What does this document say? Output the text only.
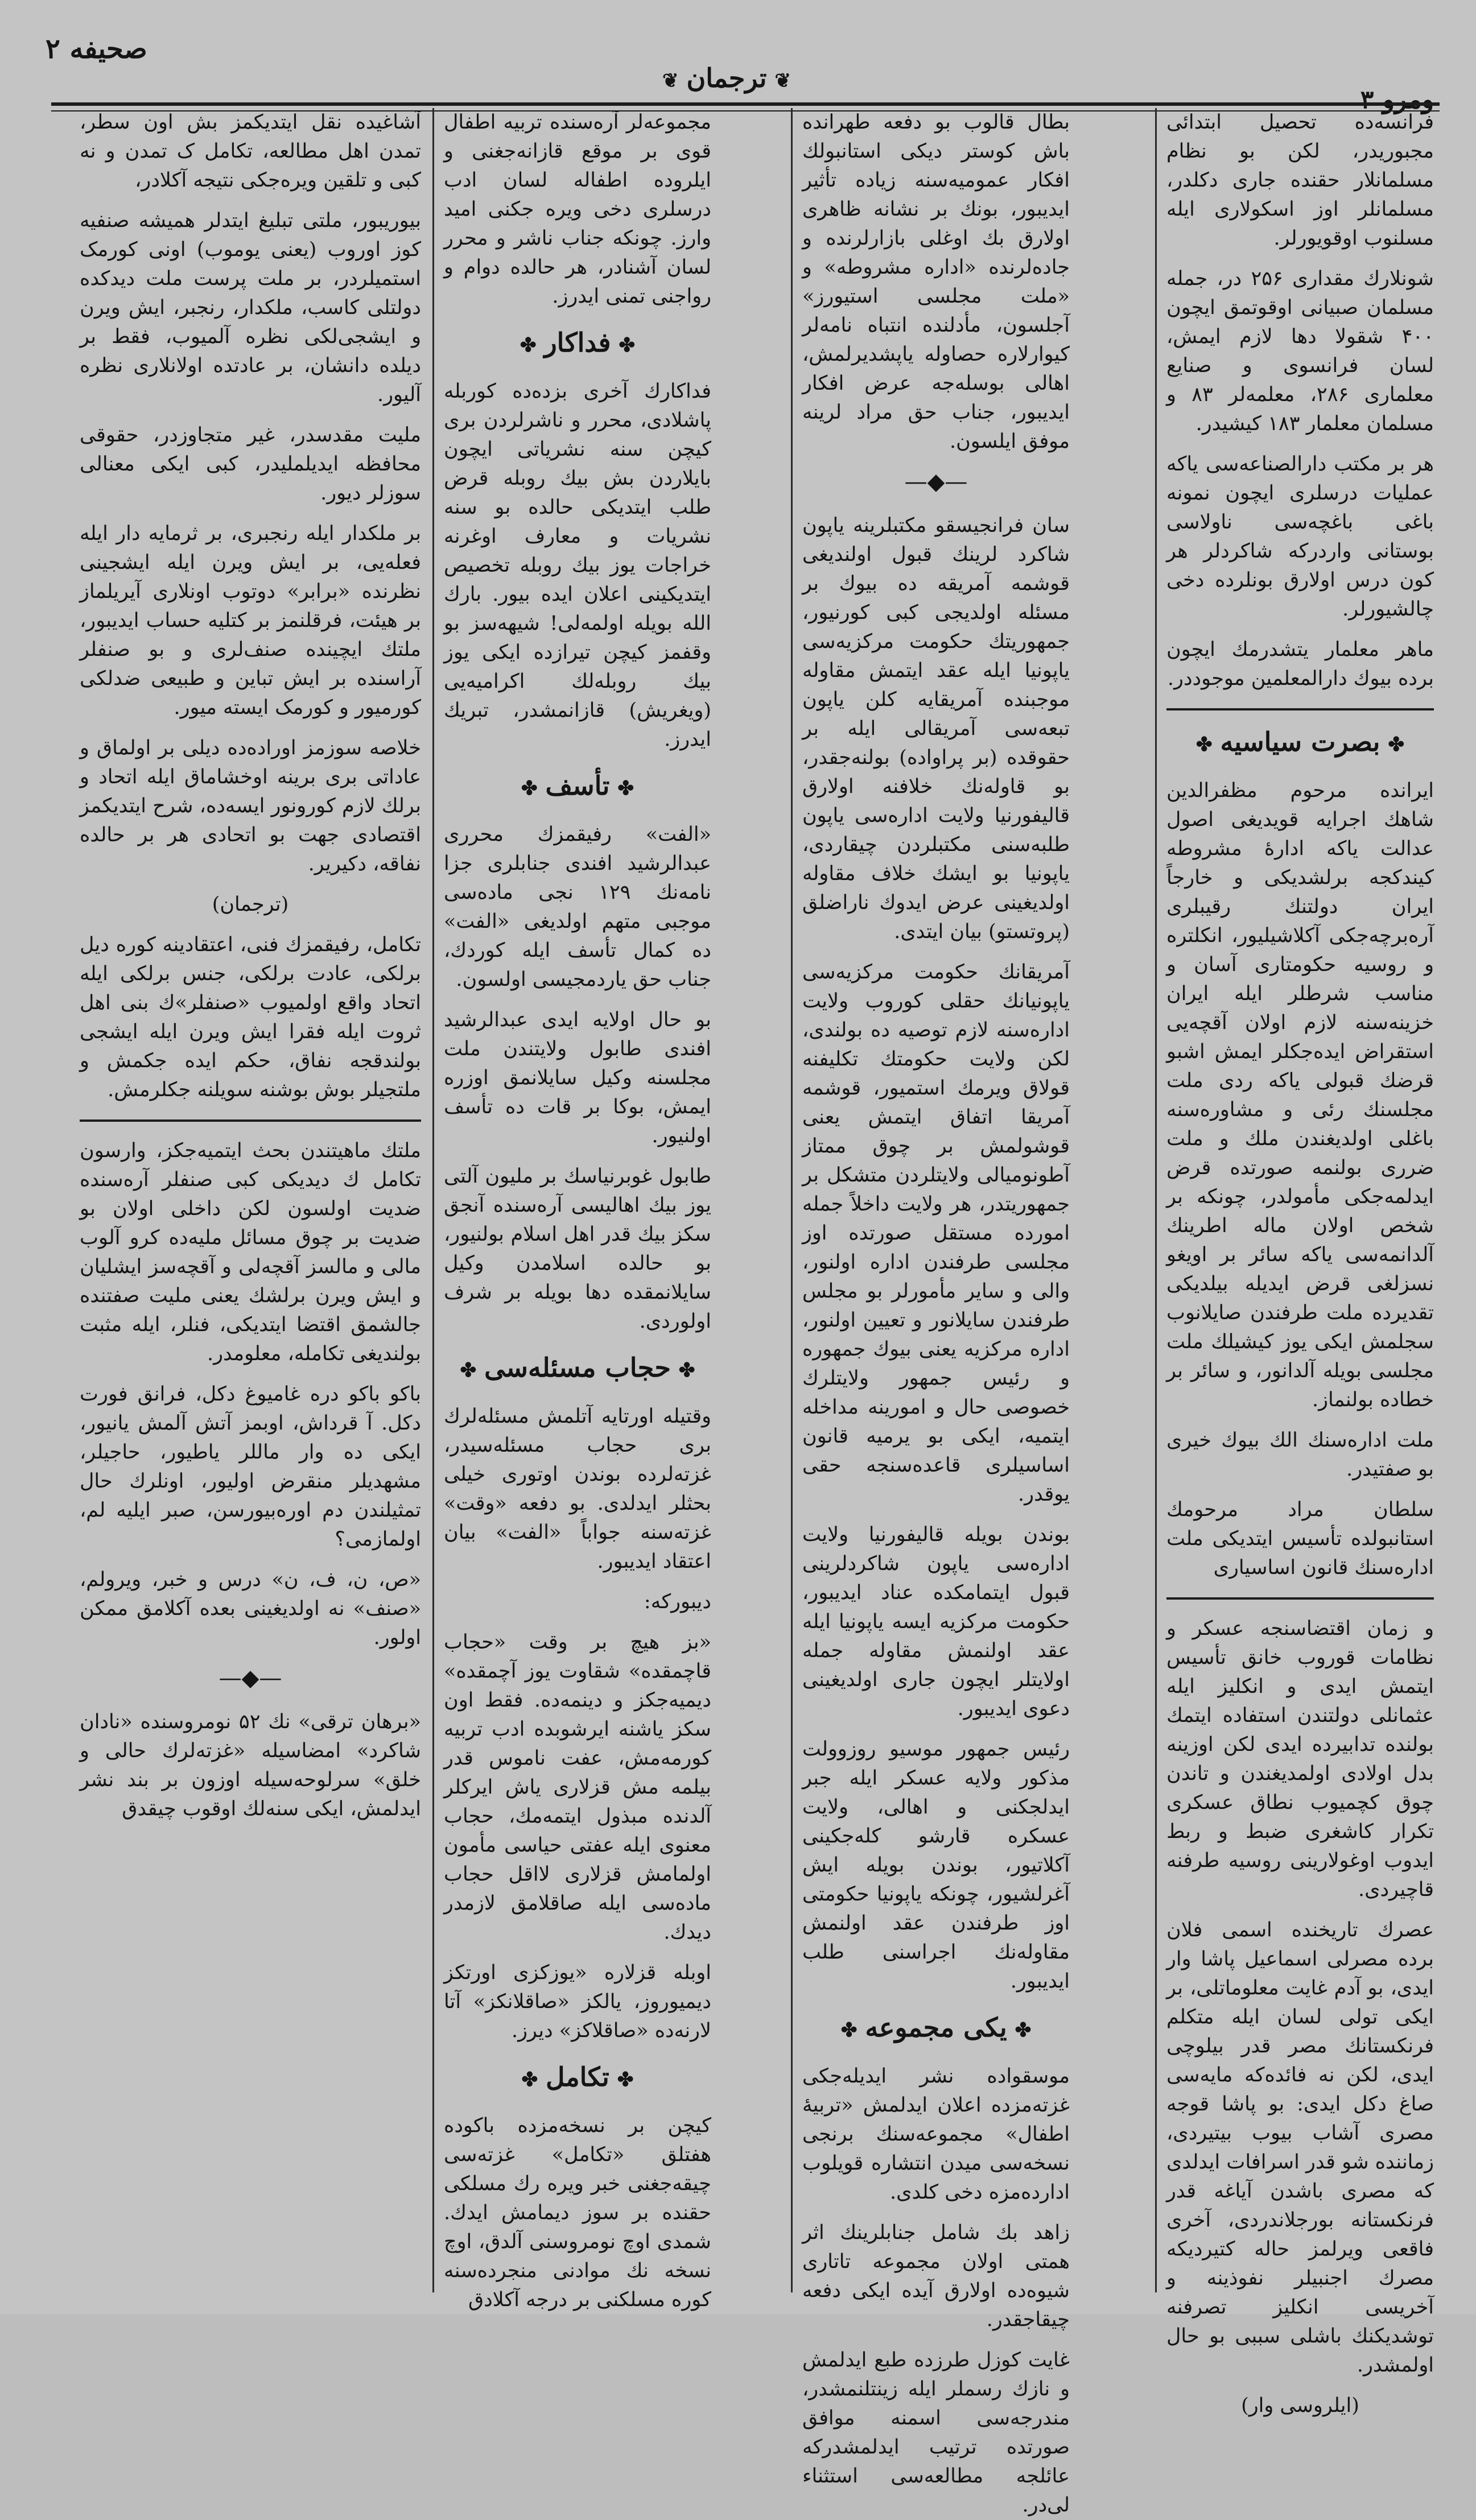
صحیفه ۲
❦ترجمان❦
ومرو ۳

فرانسه‌ده تحصیل ابتدائی مجبوریدر، لکن بو نظام مسلمانلار حقنده جاری دکلدر، مسلمانلر اوز اسکولاری ایله مسلنوب اوقویورلر.

شونلارك مقداری ۲۵۶ در، جمله مسلمان صبیانی اوقوتمق ایچون ۴۰۰ شقولا دها لازم ایمش، لسان فرانسوی و صنایع معلماری ۲۸۶، معلمه‌لر ۸۳ و مسلمان معلمار ۱۸۳ کیشیدر.

هر بر مکتب دارالصناعه‌سی یاکه عملیات درسلری ایچون نمونه باغی باغچه‌سی ناولاسی بوستانی واردرکه شاکردلر هر کون درس اولارق بونلرده دخی چالشیورلر.

ماهر معلمار یتشدرمك ایچون برده بیوك دارالمعلمین موجوددر.

✤بصرت سیاسیه✤

ایرانده مرحوم مظفرالدین شاهك اجرایه قویدیغی اصول عدالت یاکه ادارهٔ مشروطه کیندکجه برلشدیکی و خارجاً ایران دولتنك رقیبلری آره‌برچه‌جکی آکلاشیلیور، انکلتره و روسیه حکومتاری آسان و مناسب شرطلر ایله ایران خزینه‌سنه لازم اولان آقچه‌یی استقراض ایده‌جکلر ایمش اشبو قرضك قبولی یاکه ردی ملت مجلسنك رئی و مشاوره‌سنه باغلی اولدیغندن ملك و ملت ضرری بولنمه صورتده قرض ایدلمه‌جکی مأمولدر، چونکه بر شخص اولان ماله اطرینك آلدانمه‌سی یاکه سائر بر اویغو نسزلغی قرض ایدیله بیلدیکی تقدیرده ملت طرفندن صایلانوب سجلمش ایکی یوز کیشیلك ملت مجلسی بویله آلدانور، و سائر بر خطاده بولنماز.

ملت اداره‌سنك الك بیوك خیری بو صفتیدر.

سلطان مراد مرحومك استانبولده تأسیس ایتدیکی ملت اداره‌سنك قانون اساسیاری

و زمان اقتضاسنجه عسکر و نظامات قوروب خانق تأسیس ایتمش ایدی و انکلیز ایله عثمانلی دولتندن استفاده ایتمك بولنده تدابیرده ایدی لکن اوزینه بدل اولادی اولمدیغندن و تاندن چوق کچمیوب نطاق عسکری تکرار کاشغری ضبط و ربط ایدوب اوغولارینی روسیه طرفنه قاچیردی.

عصرك تاریخنده اسمی فلان برده مصرلی اسماعیل پاشا وار ایدی، بو آدم غایت معلوماتلی، بر ایکی تولی لسان ایله متکلم فرنکستانك مصر قدر بیلوچی ایدی، لکن نه فائده‌که مایه‌سی صاغ دکل ایدی: بو پاشا قوجه مصری آشاب بیوب بیتیردی، زماننده شو قدر اسرافات ایدلدی که مصری باشدن آیاغه قدر فرنکستانه بورجلاندردی، آخری فاقعی ویرلمز حاله کتیردیکه مصرك اجنبیلر نفوذینه و آخریسی انکلیز تصرفنه توشدیکنك باشلی سببی بو حال اولمشدر.

(ایلروسی وار)

بطال قالوب بو دفعه طهرانده باش کوستر دیکی استانبولك افکار عمومیه‌سنه زیاده تأثیر ایدیبور، بونك بر نشانه ظاهری اولارق بك اوغلی بازارلرنده و جاده‌لرنده «اداره مشروطه» و «ملت مجلسی استیورز» آجلسون، مأدلنده انتباه نامه‌لر کیوارلاره حصاوله یاپشدیرلمش، اهالی بوسله‌جه عرض افکار ایدیبور، جناب حق مراد لرینه موفق ایلسون.

—◆—

سان فرانجیسقو مکتبلرینه یاپون شاکرد لرینك قبول اولندیغی قوشمه آمریقه ده بیوك بر مسئله اولدیجی کبی کورنیور، جمهوریتك حکومت مرکزیه‌سی یاپونیا ایله عقد ایتمش مقاوله موجبنده آمریقایه کلن یاپون تبعه‌سی آمریقالی ایله بر حقوقده (بر پراواده) بولنه‌جقدر، بو قاوله‌نك خلافنه اولارق قالیفورنیا ولایت اداره‌سی یاپون طلبه‌سنی مکتبلردن چیقاردی، یاپونیا بو ایشك خلاف مقاوله اولدیغینی عرض ایدوك ناراضلق (پروتستو) بیان ایتدی.

آمریقانك حکومت مرکزیه‌سی یاپونیانك حقلی کوروب ولایت اداره‌سنه لازم توصیه ده بولندی، لکن ولایت حکومتك تکلیفنه قولاق ویرمك استمیور، قوشمه آمریقا اتفاق ایتمش یعنی قوشولمش بر چوق ممتاز آطونومیالی ولایتلردن متشکل بر جمهوریتدر، هر ولایت داخلاً جمله امورده مستقل صورتده اوز مجلسی طرفندن اداره اولنور، والی و سایر مأمورلر بو مجلس طرفندن سایلانور و تعیین اولنور، اداره مرکزیه یعنی بیوك جمهوره و رئیس جمهور ولایتلرك خصوصی حال و امورینه مداخله ایتمیه، ایکی بو یرمیه قانون اساسیلری قاعده‌سنجه حقی یوقدر.

بوندن بویله قالیفورنیا ولایت اداره‌سی یاپون شاکردلرینی قبول ایتمامکده عناد ایدیبور، حکومت مرکزیه ایسه یاپونیا ایله عقد اولنمش مقاوله جمله اولایتلر ایچون جاری اولدیغینی دعوی ایدیبور.

رئیس جمهور موسیو روزوولت مذکور ولایه عسکر ایله جبر ایدلجکنی و اهالی، ولایت عسکره قارشو کله‌جکینی آکلاتیور، بوندن بویله ایش آغرلشیور، چونکه یاپونیا حکومتی اوز طرفندن عقد اولنمش مقاوله‌نك اجراسنی طلب ایدیبور.

✤یکی مجموعه✤

موسقوا‌ده نشر ایدیله‌جکی غزته‌مزده اعلان ایدلمش «تربیهٔ اطفال» مجموعه‌سنك برنجی نسخه‌سی میدن انتشاره قویلوب ادارده‌مزه دخی کلدی.

زاهد بك شامل جنابلرینك اثر همتی اولان مجموعه تاتاری شیوه‌ده اولارق آیده ایکی دفعه چیقاجقدر.

غایت کوزل طرزده طبع ایدلمش و نازك رسملر ایله زینتلنمشدر، مندرجه‌سی اسمنه موافق صورتده ترتیب ایدلمشدرکه عائلجه مطالعه‌سی استثناء لی‌در.

مجموعه‌لر آره‌سنده تربیه اطفال قوی بر موقع قازانه‌جغنی و ایلروده اطفاله لسان ادب درسلری دخی ویره جکنی امید وارز. چونکه جناب ناشر و محرر لسان آشنادر، هر حالده دوام و رواجنی تمنی ایدرز.

✤فداکار✤

فداکارك آخری بزده‌ده کوربله پاشلادی، محرر و ناشرلردن بری کیچن سنه نشریاتی ایچون بایلاردن بش بیك روبله قرض طلب ایتدیکی حالده بو سنه نشریات و معارف اوغرنه خراجات یوز بیك روبله تخصیص ایتدیکینی اعلان ایده بیور. بارك الله بویله اولمه‌لی! شیهه‌سز بو وقفمز کیچن تیرازده ایکی یوز بیك روبله‌لك اکرامیه‌یی (ویغریش) قازانمشدر، تبریك ایدرز.

✤تأسف✤

«الفت» رفیقمزك محرری عبدالرشید افندی جنابلری جزا نامه‌نك ۱۲۹ نجی ماده‌سی موجبی متهم اولدیغی «الفت» ده کمال تأسف ایله کوردك، جناب حق یاردمجیسی اولسون.

بو حال اولایه ایدی عبدالرشید افندی طابول ولایتندن ملت مجلسنه وکیل سایلانمق اوزره ایمش، بوکا بر قات ده تأسف اولنیور.

طابول غوبرنیاسك بر ملیون آلتی یوز بیك اهالیسی آره‌سنده آنجق سکز بیك قدر اهل اسلام بولنیور، بو حالده اسلامدن وکیل سایلانمقده دها بویله بر شرف اولوردی.

✤حجاب مسئله‌سی✤

وقتیله اورتایه آتلمش مسئله‌لرك بری حجاب مسئله‌سیدر، غزته‌لرده بوندن اوتوری خیلی بحثلر ایدلدی. بو دفعه «وقت» غزته‌سنه جواباً «الفت» بیان اعتقاد ایدیبور.

دیبورکه:

«بز هیچ بر وقت «حجاب قاچمقده» شقاوت یوز آچمقده» دیمیه‌جکز و دینمه‌ده. فقط اون سکز یاشنه ایرشوبده ادب تربیه کورمه‌مش، عفت ناموس قدر بیلمه مش قزلاری یاش ایرکلر آلدنده مبذول ایتمه‌مك، حجاب معنوی ایله عفتی حیاسی مأمون اولمامش قزلاری لااقل حجاب ماده‌سی ایله صاقلامق لازمدر دیدك.

اوبله قزلاره «یوزکزی اورتکز دیمیوروز، یالکز «صاقلانکز» آتا لارنه‌ده «صاقلاکز» دیرز.

✤تکامل✤

کیچن بر نسخه‌مزده باکوده هفتلق «تکامل» غزته‌سی چیقه‌جغنی خبر ویره رك مسلکی حقنده بر سوز دیمامش ایدك. شمدی اوچ نومروسنی آلدق، اوچ نسخه نك موادنی منجرده‌سنه کوره مسلکنی بر درجه آکلادق

آشاغیده نقل ایتدیکمز بش اون سطر، تمدن اهل مطالعه، تکامل ک تمدن و نه کبی و تلقین ویره‌جکی نتیجه آکلادر،

بیوریبور، ملتی تبلیغ ایتدلر همیشه صنفیه کوز اوروب (یعنی یوموب) اونی کورمک استمیلردر، بر ملت پرست ملت دیدکده دولتلی کاسب، ملکدار، رنجبر، ایش ویرن و ایشجی‌لکی نظره آلمیوب، فقط بر دیلده دانشان، بر عادتده اولانلاری نظره آلیور.

ملیت مقدسدر، غیر متجاوزدر، حقوقی محافظه ایدیلملیدر، کبی ایکی معنالی سوزلر دیور.

بر ملکدار ایله رنجبری، بر ثرمایه دار ایله فعله‌یی، بر ایش ویرن ایله ایشجینی نظرنده «برابر» دوتوب اونلاری آیریلماز بر هیئت، فرقلنمز بر کتلیه حساب ایدیبور، ملتك ایچینده صنف‌لری و بو صنفلر آراسنده بر ایش تباین و طبیعی ضدلکی کورمیور و کورمک ایسته میور.

خلاصه سوزمز اوراده‌ده دیلی بر اولماق و عاداتی بری برینه اوخشاماق ایله اتحاد و برلك لازم کورونور ایسه‌ده، شرح ایتدیکمز اقتصادی جهت بو اتحادی هر بر حالده نفاقه، دکیریر.

(ترجمان)

تکامل، رفیقمزك فنی، اعتقادینه کوره دیل برلکی، عادت برلکی، جنس برلکی ایله اتحاد واقع اولمیوب «صنفلر»ك بنی اهل ثروت ایله فقرا ایش ویرن ایله ایشجی بولندقجه نفاق، حکم ایده جکمش و ملتجیلر بوش بوشنه سویلنه جکلرمش.

ملتك ماهیتندن بحث ایتمیه‌جکز، وارسون تکامل ك دیدیکی کبی صنفلر آره‌سنده ضدیت اولسون لکن داخلی اولان بو ضدیت بر چوق مسائل ملیه‌ده کرو آلوب مالی و مالسز آقچه‌لی و آقچه‌سز ایشلیان و ایش ویرن برلشك یعنی ملیت صفتنده جالشمق اقتضا ایتدیکی، فنلر، ایله مثبت بولندیغی تکامله، معلومدر.

باکو باکو دره غامیوغ دکل، فرانق فورت دکل. آ قرداش، اوبمز آتش آلمش یانیور، ایکی ده وار ماللر یاطیور، حاجیلر، مشهدیلر منقرض اولیور، اونلرك حال تمثیلندن دم اوره‌بیورسن، صبر ایلیه لم، اولمازمی؟

«ص، ن، ف، ن» درس و خبر، ویرولم، «صنف» نه اولدیغینی بعده آکلامق ممکن اولور.

—◆—

«برهان ترقی» نك ۵۲ نومروسنده «نادان شاکرد» امضاسیله «غزته‌لرك حالی و خلق» سرلوحه‌سیله اوزون بر بند نشر ایدلمش، ایکی سنه‌لك اوقوب چیقدق
